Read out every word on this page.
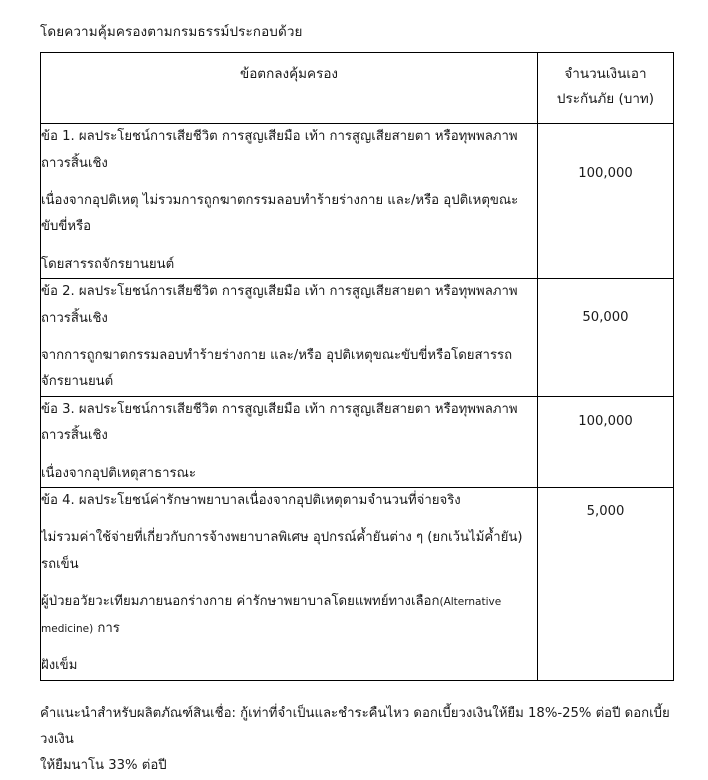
โดยความคุ้มครองตามกรมธรรม์ประกอบด้วย

ข้อตกลงคุ้มครอง	จำนวนเงินเอา
ประกันภัย (บาท)

ข้อ 1. ผลประโยชน์การเสียชีวิต การสูญเสียมือ เท้า การสูญเสียสายตา หรือทุพพลภาพถาวรสิ้นเชิง
เนื่องจากอุปติเหตุ ไม่รวมการถูกฆาตกรรมลอบทำร้ายร่างกาย และ/หรือ อุปติเหตุขณะขับขี่หรือ
โดยสารรถจักรยานยนต์	100,000

ข้อ 2. ผลประโยชน์การเสียชีวิต การสูญเสียมือ เท้า การสูญเสียสายตา หรือทุพพลภาพถาวรสิ้นเชิง
จากการถูกฆาตกรรมลอบทำร้ายร่างกาย และ/หรือ อุปติเหตุขณะขับขี่หรือโดยสารรถจักรยานยนต์	50,000

ข้อ 3. ผลประโยชน์การเสียชีวิต การสูญเสียมือ เท้า การสูญเสียสายตา หรือทุพพลภาพถาวรสิ้นเชิง
เนื่องจากอุปติเหตุสาธารณะ	100,000

ข้อ 4. ผลประโยชน์ค่ารักษาพยาบาลเนื่องจากอุปติเหตุตามจำนวนที่จ่ายจริง
ไม่รวมค่าใช้จ่ายที่เกี่ยวกับการจ้างพยาบาลพิเศษ อุปกรณ์ค้ำยันต่าง ๆ (ยกเว้นไม้ค้ำยัน) รถเข็น
ผู้ป่วยอวัยวะเทียมภายนอกร่างกาย ค่ารักษาพยาบาลโดยแพทย์ทางเลือก(Alternative medicine) การ
ฝังเข็ม	5,000
คำแนะนำสำหรับผลิตภัณฑ์สินเชื่อ: กู้เท่าที่จำเป็นและชำระคืนไหว ดอกเบี้ยวงเงินให้ยืม 18%-25% ต่อปี ดอกเบี้ยวงเงิน
ให้ยืมนาโน 33% ต่อปี
